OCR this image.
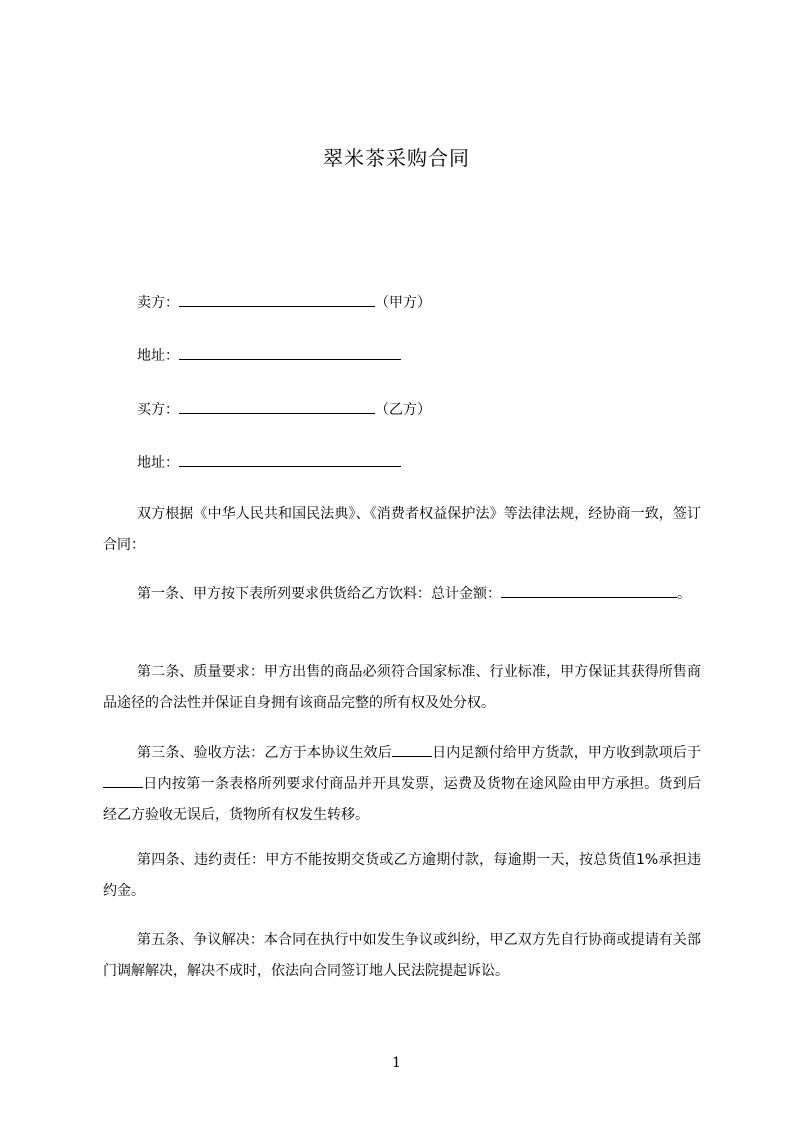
翠米茶采购合同
卖方：	（甲方）
地址：
买方：	（乙方）
地址：
双方根据《中华人民共和国民法典》、《消费者权益保护法》等法律法规，经协商一致，签订合同：
第一条、甲方按下表所列要求供货给乙方饮料：总计金额：	。
第二条、质量要求：甲方出售的商品必须符合国家标准、行业标准，甲方保证其获得所售商品途径的合法性并保证自身拥有该商品完整的所有权及处分权。
第三条、验收方法：乙方于本协议生效后	日内足额付给甲方货款，甲方收到款项后于日内按第一条表格所列要求付商品并开具发票，运费及货物在途风险由甲方承担。货到后经乙方验收无误后，货物所有权发生转移。
第四条、违约责任：甲方不能按期交货或乙方逾期付款，每逾期一天，按总货值1%承担违约金。
第五条、争议解决：本合同在执行中如发生争议或纠纷，甲乙双方先自行协商或提请有关部门调解解决，解决不成时，依法向合同签订地人民法院提起诉讼。
1
